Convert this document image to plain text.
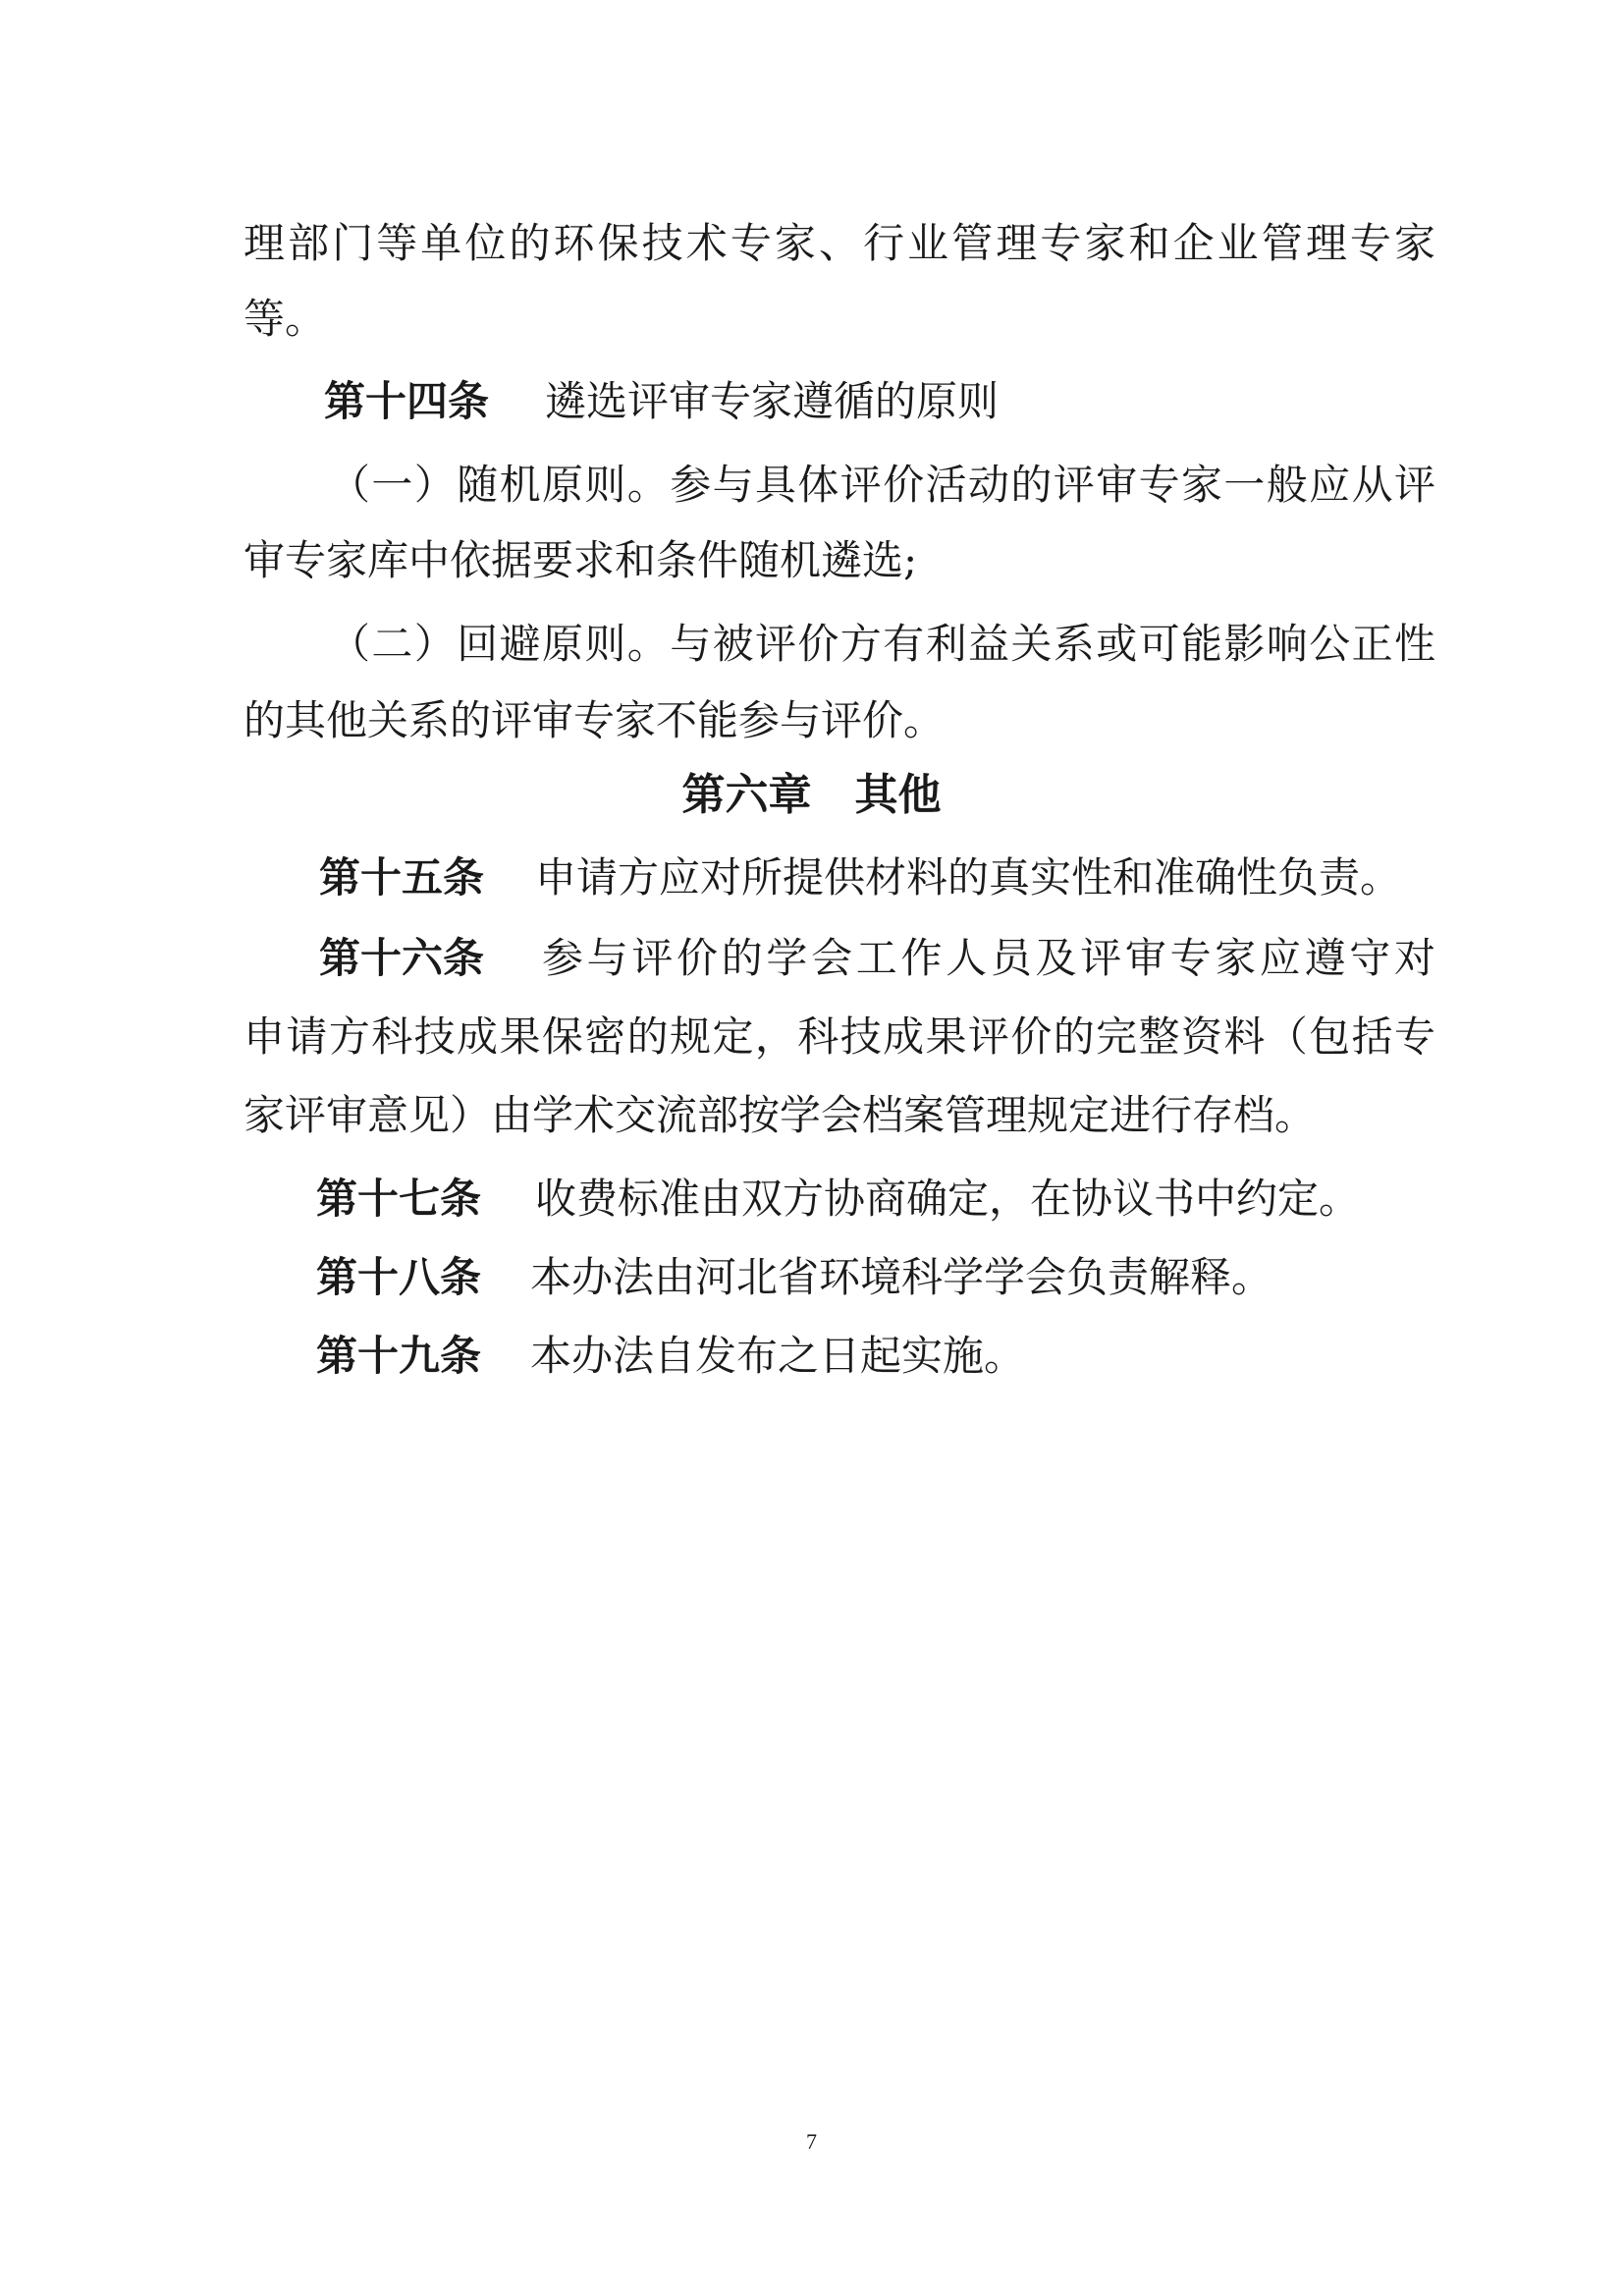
理部门等单位的环保技术专家、行业管理专家和企业管理专家
等。
第十四条 遴选评审专家遵循的原则
（一）随机原则。参与具体评价活动的评审专家一般应从评
审专家库中依据要求和条件随机遴选;
（二）回避原则。与被评价方有利益关系或可能影响公正性
的其他关系的评审专家不能参与评价。
第六章　其他
第十五条 申请方应对所提供材料的真实性和准确性负责。
第十六条 参与评价的学会工作人员及评审专家应遵守对
申请方科技成果保密的规定，科技成果评价的完整资料（包括专
家评审意见）由学术交流部按学会档案管理规定进行存档。
第十七条 收费标准由双方协商确定，在协议书中约定。
第十八条 本办法由河北省环境科学学会负责解释。
第十九条 本办法自发布之日起实施。
7
